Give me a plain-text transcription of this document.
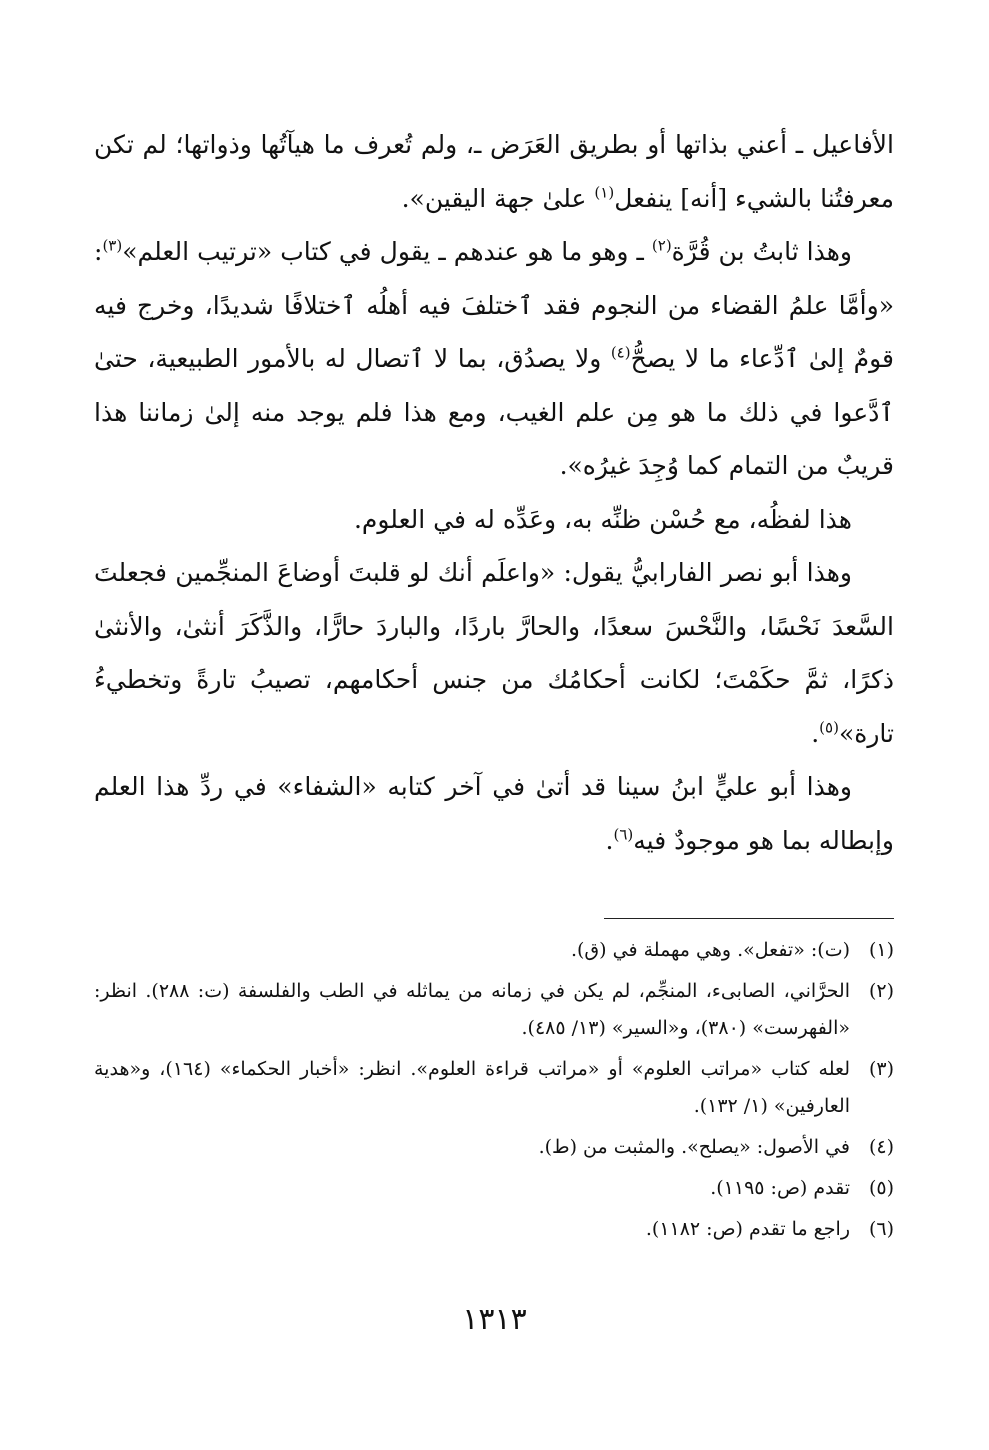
الأفاعيل ـ أعني بذاتها أو بطريق العَرَض ـ، ولم تُعرف ما هيآتُها وذواتها؛ لم تكن معرفتُنا بالشيء [أنه] ينفعل$^{(١)}$ علىٰ جهة اليقين».

وهذا ثابتُ بن قُرَّة$^{(٢)}$ ـ وهو ما هو عندهم ـ يقول في كتاب «ترتيب العلم»$^{(٣)}$: «وأمَّا علمُ القضاء من النجوم فقد ٱختلفَ فيه أهلُه ٱختلافًا شديدًا، وخرج فيه قومٌ إلىٰ ٱدِّعاء ما لا يصحُّ$^{(٤)}$ ولا يصدُق، بما لا ٱتصال له بالأمور الطبيعية، حتىٰ ٱدَّعوا في ذلك ما هو مِن علم الغيب، ومع هذا فلم يوجد منه إلىٰ زماننا هذا قريبٌ من التمام كما وُجِدَ غيرُه».

هذا لفظُه، مع حُسْن ظنِّه به، وعَدِّه له في العلوم.

وهذا أبو نصر الفارابيُّ يقول: «واعلَم أنك لو قلبتَ أوضاعَ المنجِّمين فجعلتَ السَّعدَ نَحْسًا، والنَّحْسَ سعدًا، والحارَّ باردًا، والباردَ حارًّا، والذَّكَرَ أنثىٰ، والأنثىٰ ذكرًا، ثمَّ حكَمْتَ؛ لكانت أحكامُك من جنس أحكامهم، تصيبُ تارةً وتخطيءُ تارة»$^{(٥)}$.

وهذا أبو عليٍّ ابنُ سينا قد أتىٰ في آخر كتابه «الشفاء» في ردِّ هذا العلم وإبطاله بما هو موجودٌ فيه$^{(٦)}$.

(١)
(ت): «تفعل». وهي مهملة في (ق).
(٢)
الحرَّاني، الصابىء، المنجِّم، لم يكن في زمانه من يماثله في الطب والفلسفة (ت: ٢٨٨). انظر: «الفهرست» (٣٨٠)، و«السير» (١٣/ ٤٨٥).
(٣)
لعله كتاب «مراتب العلوم» أو «مراتب قراءة العلوم». انظر: «أخبار الحكماء» (١٦٤)، و«هدية العارفين» (١/ ١٣٢).
(٤)
في الأصول: «يصلح». والمثبت من (ط).
(٥)
تقدم (ص: ١١٩٥).
(٦)
راجع ما تقدم (ص: ١١٨٢).
١٣١٣
